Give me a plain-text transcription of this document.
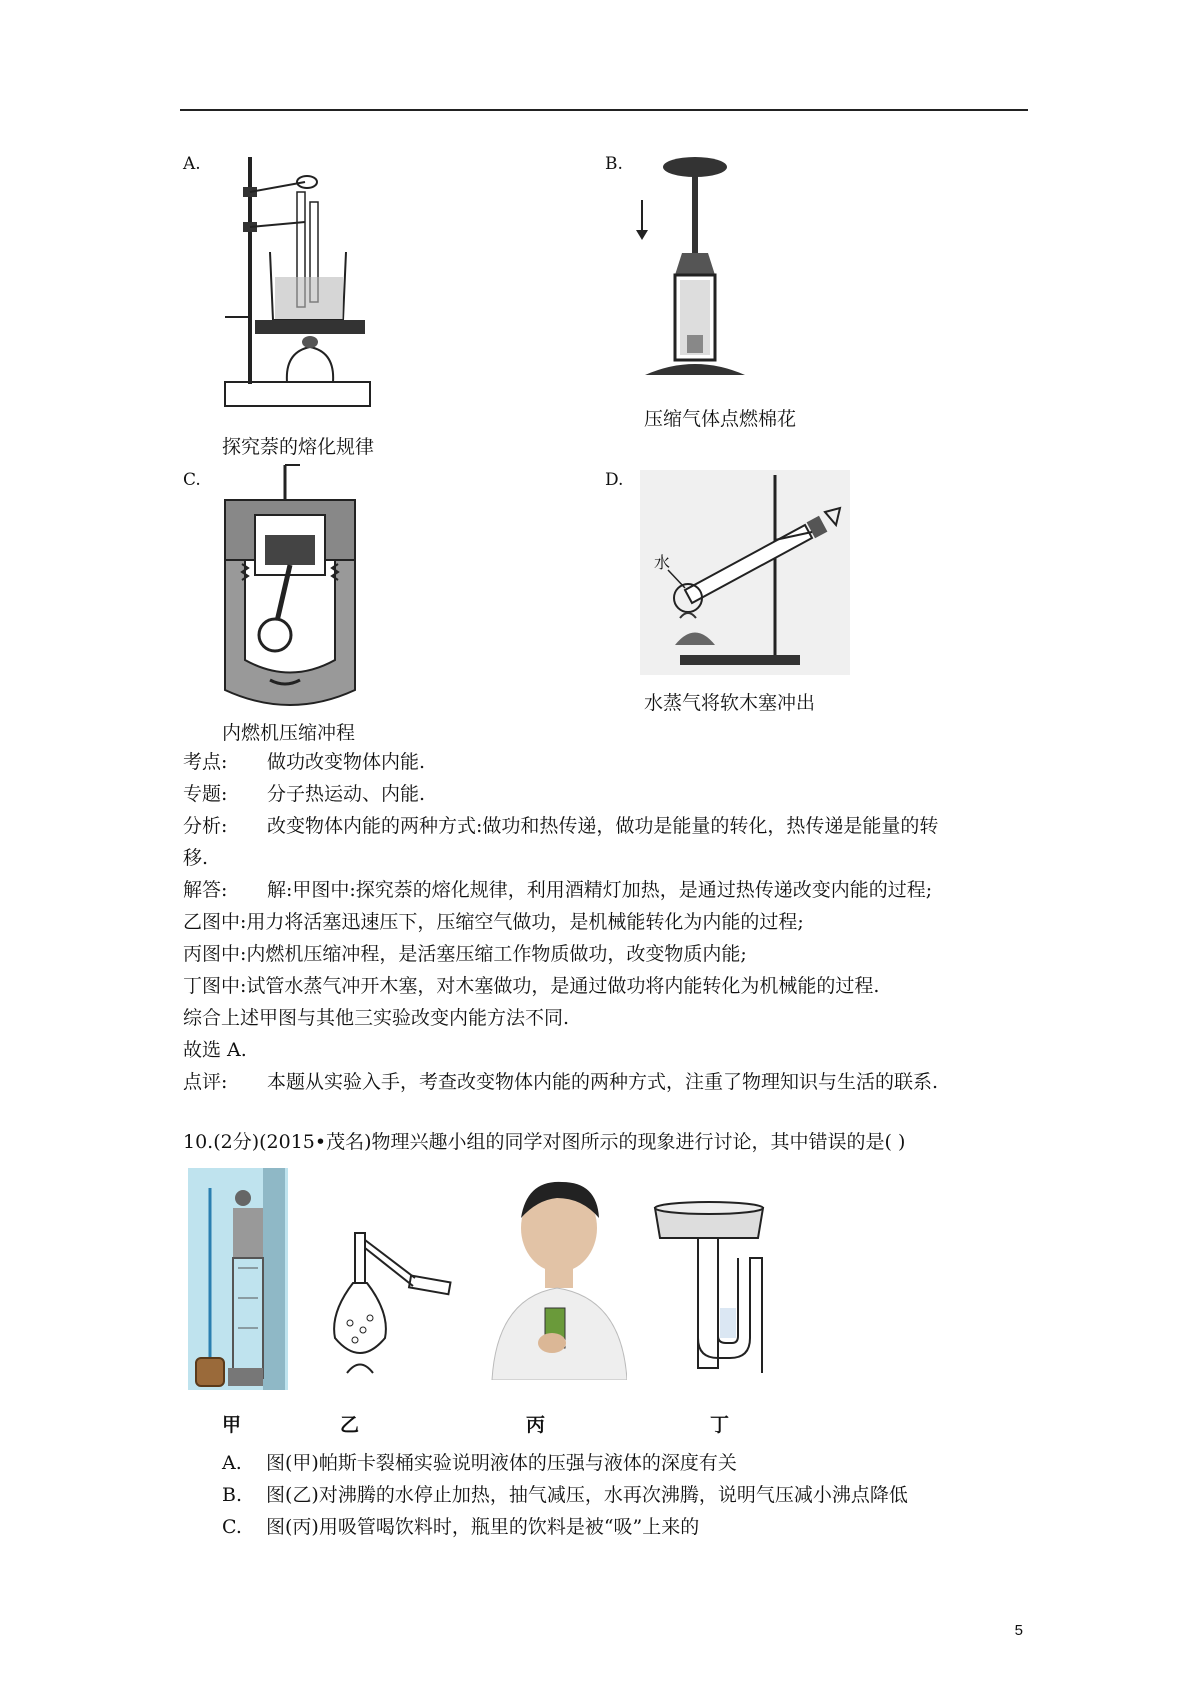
A.
探究萘的熔化规律
B.
压缩气体点燃棉花
C.
内燃机压缩冲程
D.
水
水蒸气将软木塞冲出
考点: 做功改变物体内能.
专题: 分子热运动、内能.
分析: 改变物体内能的两种方式:做功和热传递，做功是能量的转化，热传递是能量的转
移.
解答: 解:甲图中:探究萘的熔化规律，利用酒精灯加热，是通过热传递改变内能的过程;
乙图中:用力将活塞迅速压下，压缩空气做功，是机械能转化为内能的过程;
丙图中:内燃机压缩冲程，是活塞压缩工作物质做功，改变物质内能;
丁图中:试管水蒸气冲开木塞，对木塞做功，是通过做功将内能转化为机械能的过程.
综合上述甲图与其他三实验改变内能方法不同.
故选 A.
点评: 本题从实验入手，考查改变物体内能的两种方式，注重了物理知识与生活的联系.
10.(2分)(2015•茂名)物理兴趣小组的同学对图所示的现象进行讨论，其中错误的是( )
甲	乙	丙	丁
A. 图(甲)帕斯卡裂桶实验说明液体的压强与液体的深度有关
B. 图(乙)对沸腾的水停止加热，抽气减压，水再次沸腾，说明气压减小沸点降低
C. 图(丙)用吸管喝饮料时，瓶里的饮料是被“吸”上来的
5
